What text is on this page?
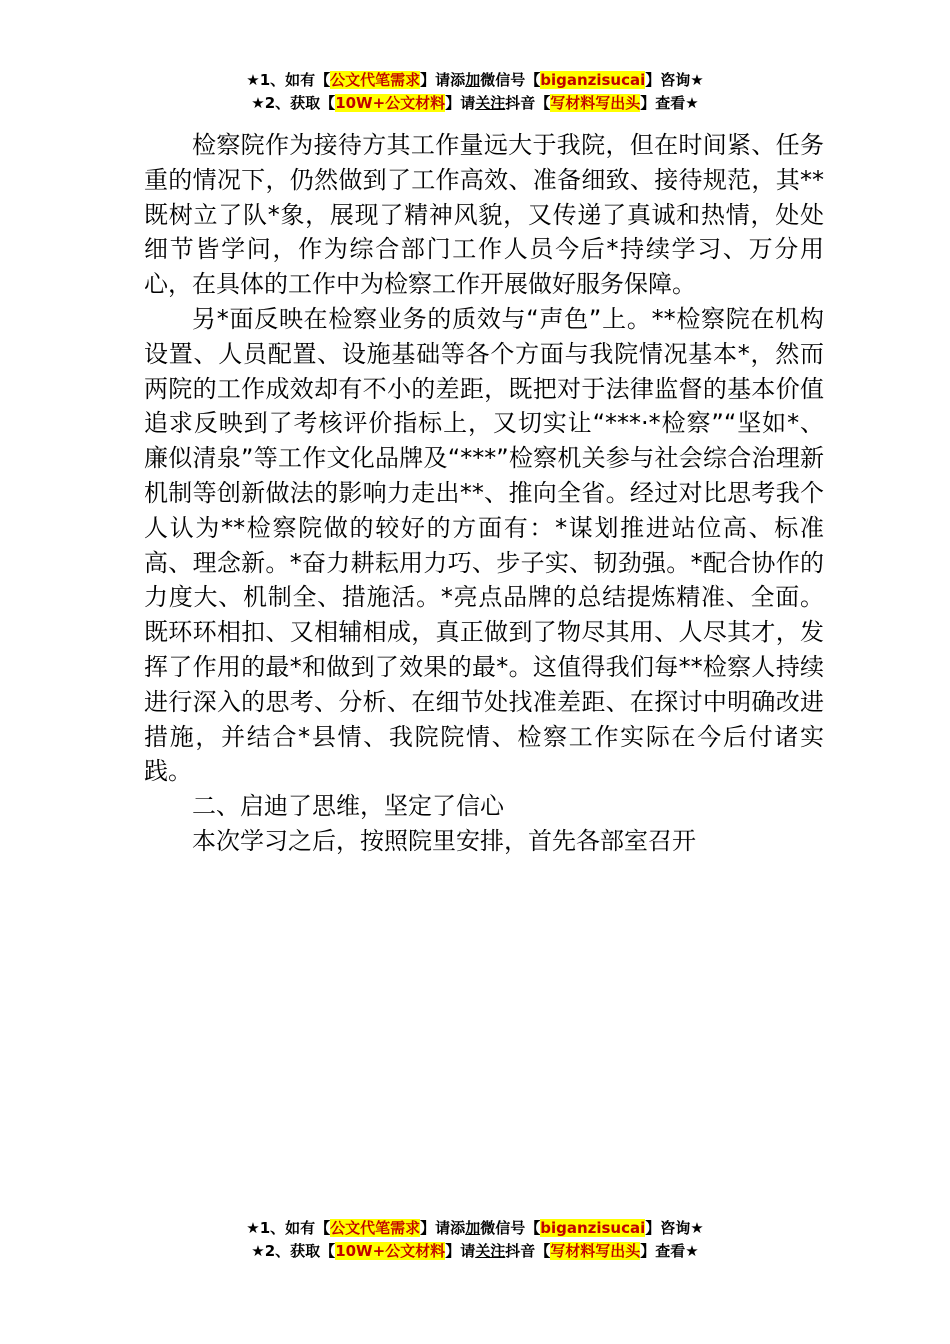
★1、如有【公文代笔需求】请添加微信号【biganzisucai】咨询★
★2、获取【10W+公文材料】请关注抖音【写材料写出头】查看★

检察院作为接待方其工作量远大于我院，但在时间紧、任务重的情况下，仍然做到了工作高效、准备细致、接待规范，其**既树立了队*象，展现了精神风貌，又传递了真诚和热情，处处细节皆学问，作为综合部门工作人员今后*持续学习、万分用心，在具体的工作中为检察工作开展做好服务保障。

另*面反映在检察业务的质效与“声色”上。**检察院在机构设置、人员配置、设施基础等各个方面与我院情况基本*，然而两院的工作成效却有不小的差距，既把对于法律监督的基本价值追求反映到了考核评价指标上，又切实让“***·*检察”“坚如*、廉似清泉”等工作文化品牌及“***”检察机关参与社会综合治理新机制等创新做法的影响力走出**、推向全省。经过对比思考我个人认为**检察院做的较好的方面有：*谋划推进站位高、标准高、理念新。*奋力耕耘用力巧、步子实、韧劲强。*配合协作的力度大、机制全、措施活。*亮点品牌的总结提炼精准、全面。既环环相扣、又相辅相成，真正做到了物尽其用、人尽其才，发挥了作用的最*和做到了效果的最*。这值得我们每**检察人持续进行深入的思考、分析、在细节处找准差距、在探讨中明确改进措施，并结合*县情、我院院情、检察工作实际在今后付诸实践。

二、启迪了思维，坚定了信心

本次学习之后，按照院里安排，首先各部室召开

★1、如有【公文代笔需求】请添加微信号【biganzisucai】咨询★
★2、获取【10W+公文材料】请关注抖音【写材料写出头】查看★
